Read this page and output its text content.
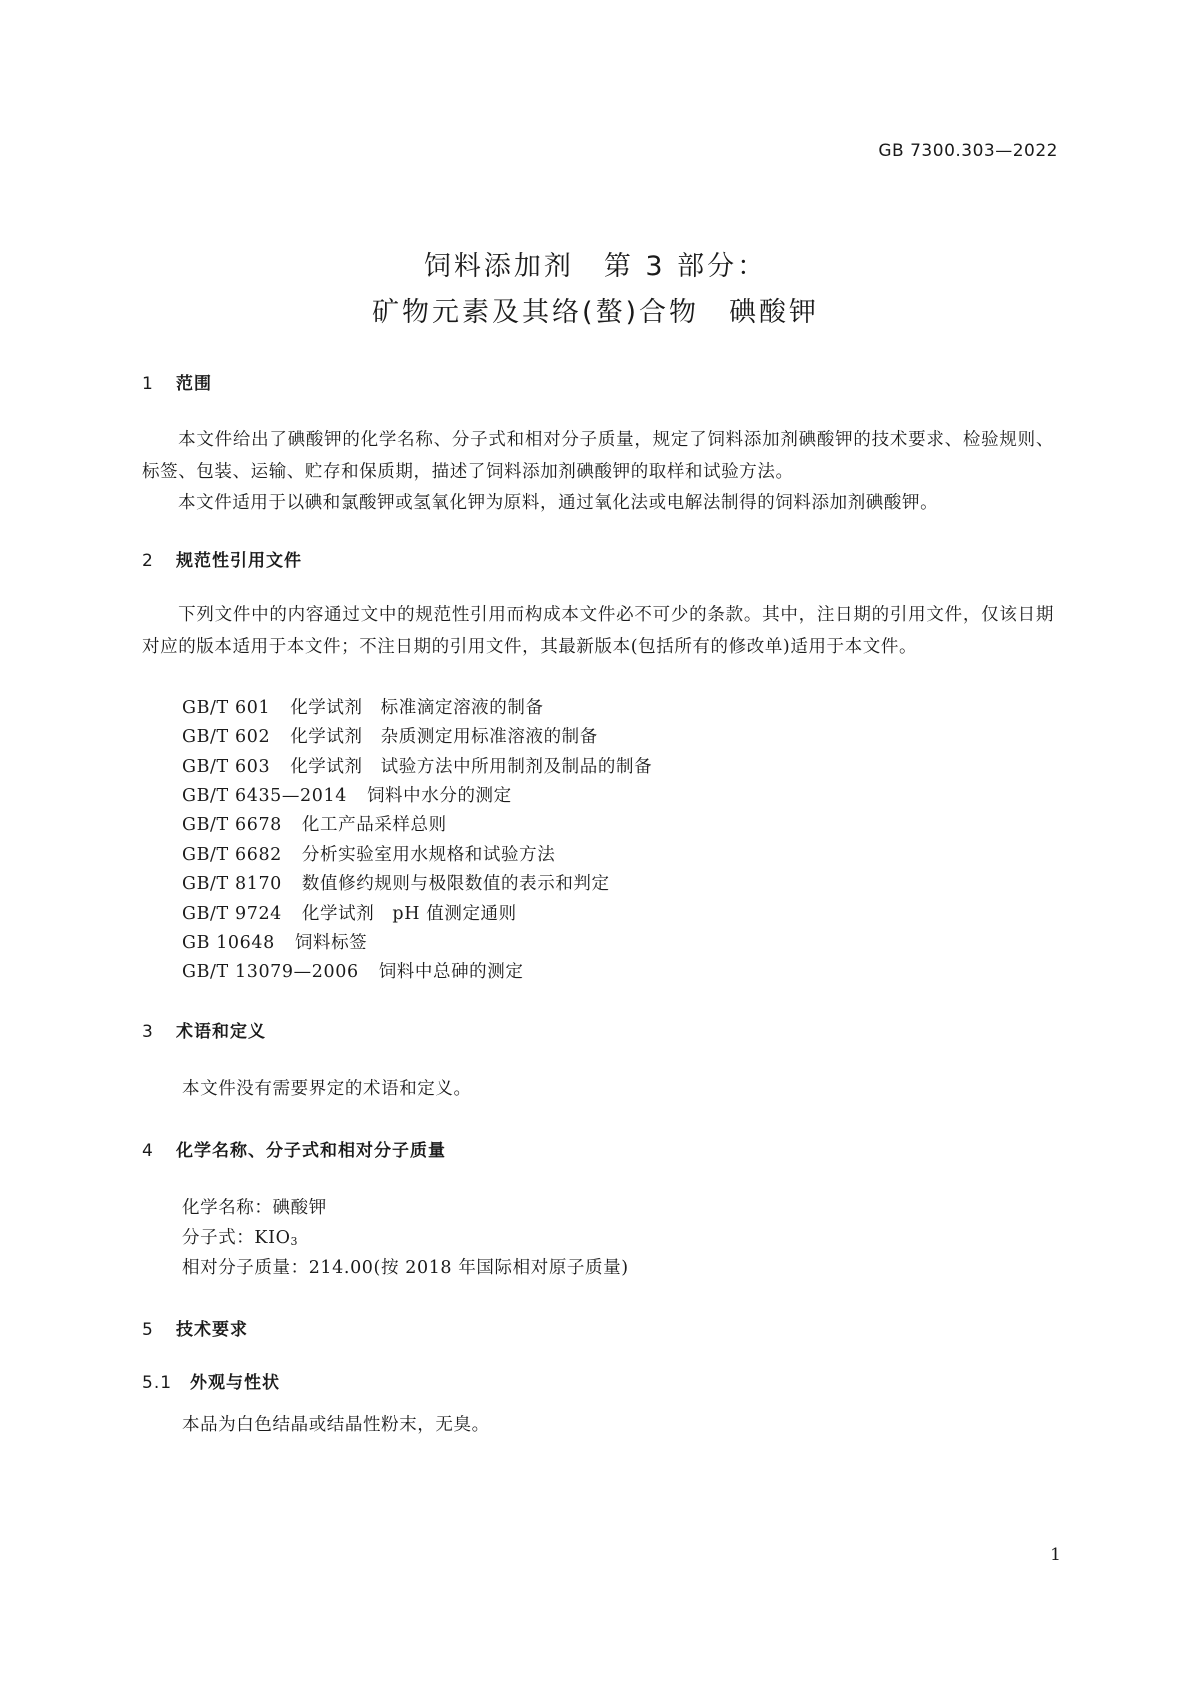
GB 7300.303—2022
饲料添加剂　第 3 部分：
矿物元素及其络(螯)合物　碘酸钾
1 范围
本文件给出了碘酸钾的化学名称、分子式和相对分子质量，规定了饲料添加剂碘酸钾的技术要求、检验规则、标签、包装、运输、贮存和保质期，描述了饲料添加剂碘酸钾的取样和试验方法。
本文件适用于以碘和氯酸钾或氢氧化钾为原料，通过氧化法或电解法制得的饲料添加剂碘酸钾。
2 规范性引用文件
下列文件中的内容通过文中的规范性引用而构成本文件必不可少的条款。其中，注日期的引用文件，仅该日期对应的版本适用于本文件；不注日期的引用文件，其最新版本(包括所有的修改单)适用于本文件。
GB/T 601 化学试剂　标准滴定溶液的制备
GB/T 602 化学试剂　杂质测定用标准溶液的制备
GB/T 603 化学试剂　试验方法中所用制剂及制品的制备
GB/T 6435—2014 饲料中水分的测定
GB/T 6678 化工产品采样总则
GB/T 6682 分析实验室用水规格和试验方法
GB/T 8170 数值修约规则与极限数值的表示和判定
GB/T 9724 化学试剂　pH 值测定通则
GB 10648 饲料标签
GB/T 13079—2006 饲料中总砷的测定
3 术语和定义
本文件没有需要界定的术语和定义。
4 化学名称、分子式和相对分子质量
化学名称：碘酸钾
分子式：$KIO_3$
相对分子质量：214.00(按 2018 年国际相对原子质量)
5 技术要求
5.1 外观与性状
本品为白色结晶或结晶性粉末，无臭。
1
